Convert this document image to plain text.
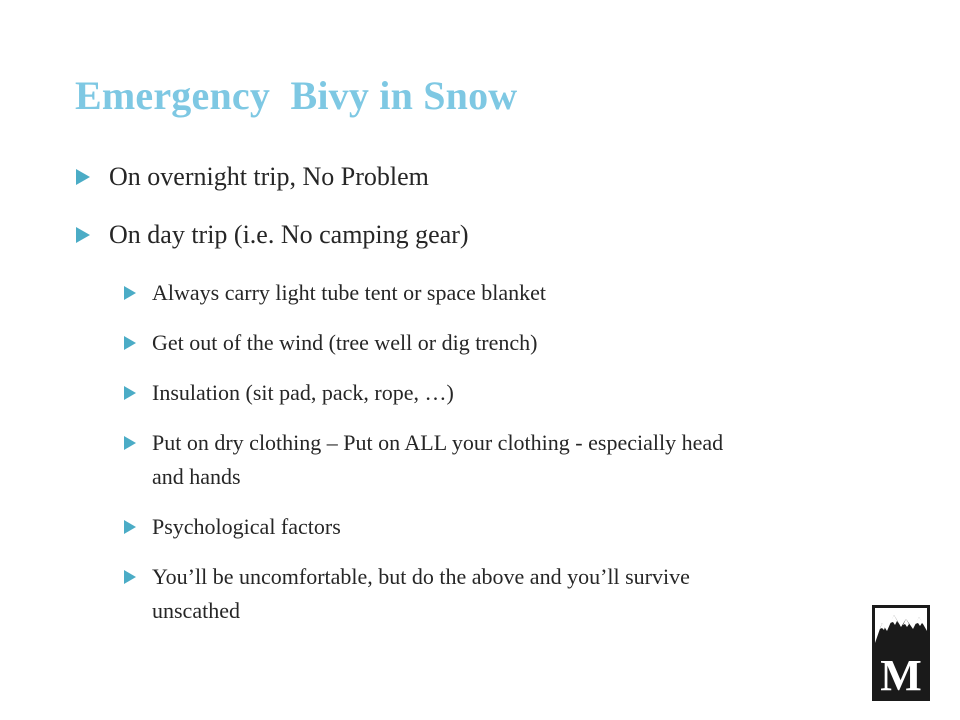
Emergency  Bivy in Snow
On overnight trip, No Problem
On day trip (i.e. No camping gear)
Always carry light tube tent or space blanket
Get out of the wind (tree well or dig trench)
Insulation (sit pad, pack, rope, …)
Put on dry clothing – Put on ALL your clothing - especially head and hands
Psychological factors
You’ll be uncomfortable, but do the above and you’ll survive unscathed
M
